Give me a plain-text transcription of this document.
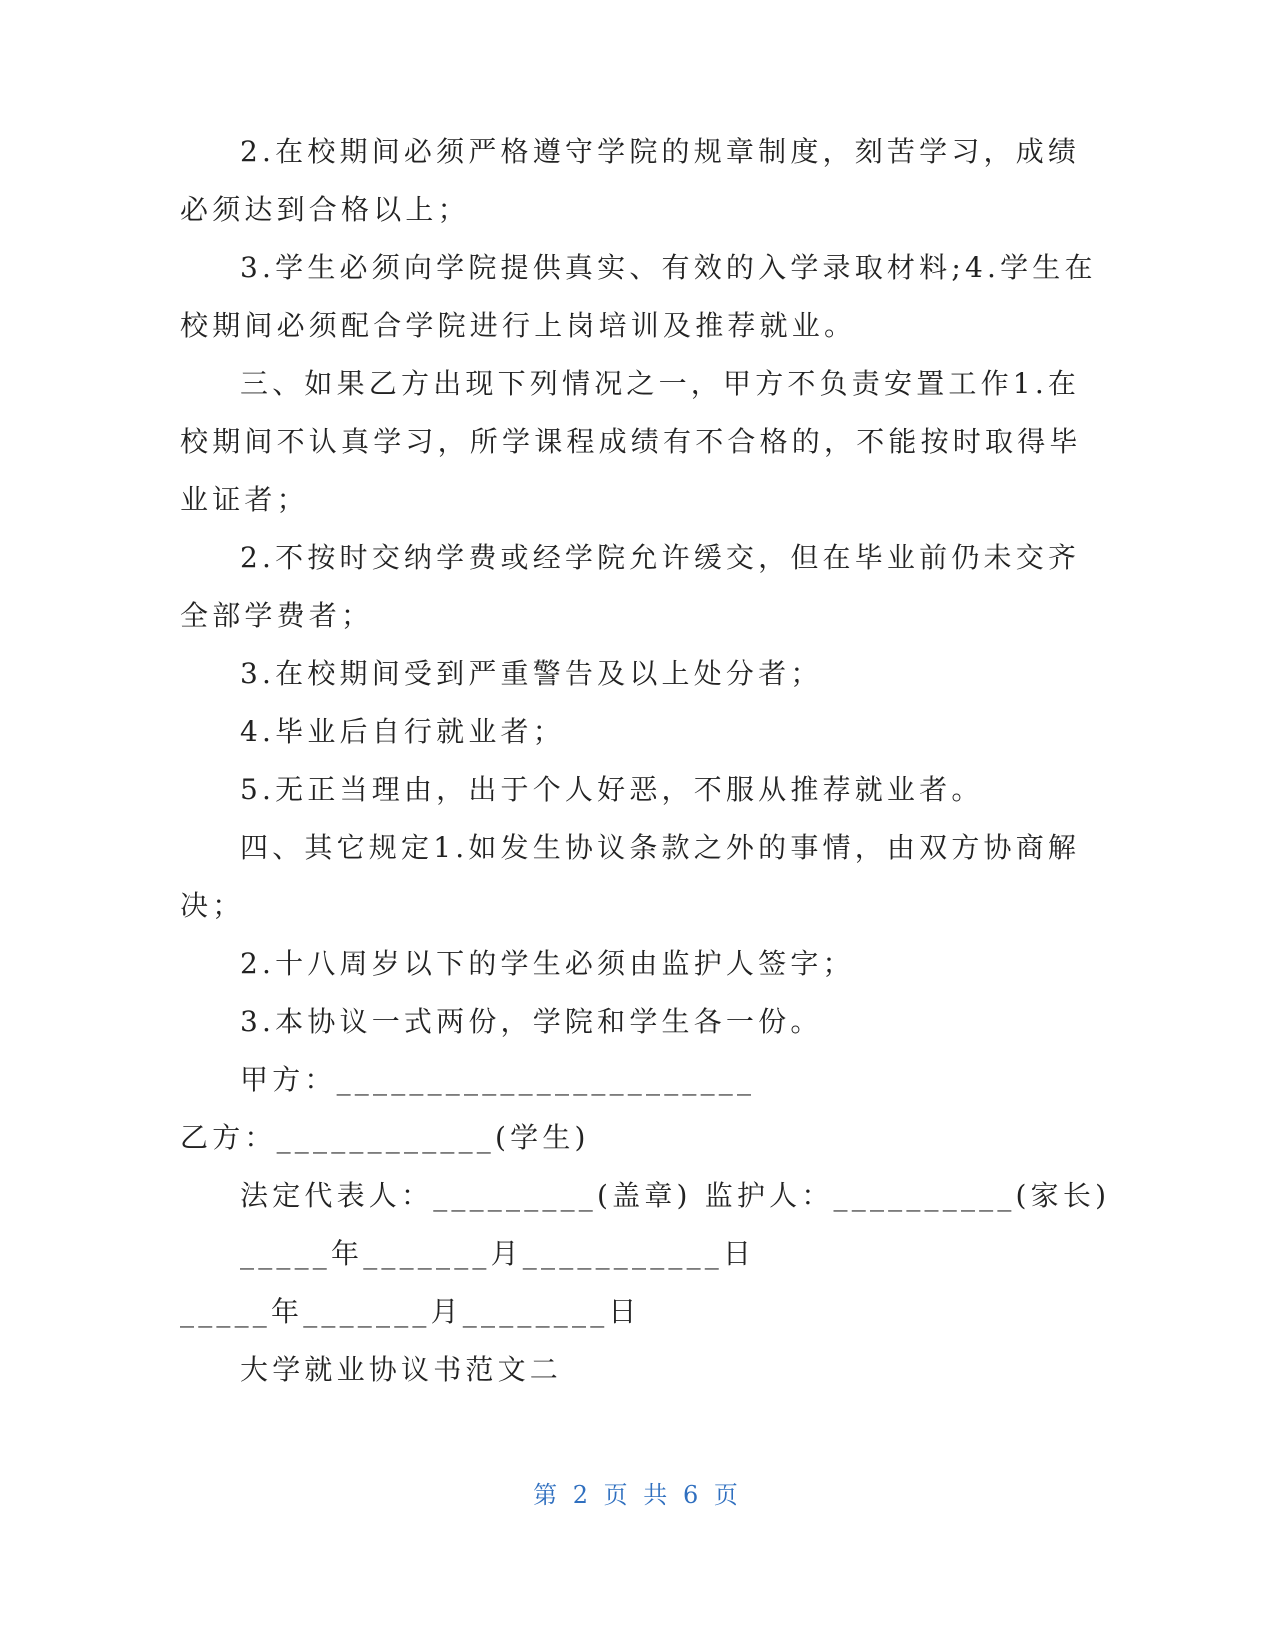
2.在校期间必须严格遵守学院的规章制度，刻苦学习，成绩
必须达到合格以上；
3.学生必须向学院提供真实、有效的入学录取材料;4.学生在
校期间必须配合学院进行上岗培训及推荐就业。
三、如果乙方出现下列情况之一，甲方不负责安置工作1.在
校期间不认真学习，所学课程成绩有不合格的，不能按时取得毕
业证者；
2.不按时交纳学费或经学院允许缓交，但在毕业前仍未交齐
全部学费者；
3.在校期间受到严重警告及以上处分者；
4.毕业后自行就业者；
5.无正当理由，出于个人好恶，不服从推荐就业者。
四、其它规定1.如发生协议条款之外的事情，由双方协商解
决；
2.十八周岁以下的学生必须由监护人签字；
3.本协议一式两份，学院和学生各一份。
甲方：_______________________
乙方：____________(学生)
法定代表人：_________(盖章) 监护人：__________(家长)
_____年_______月___________日
_____年_______月________日
大学就业协议书范文二
第 2 页 共 6 页
